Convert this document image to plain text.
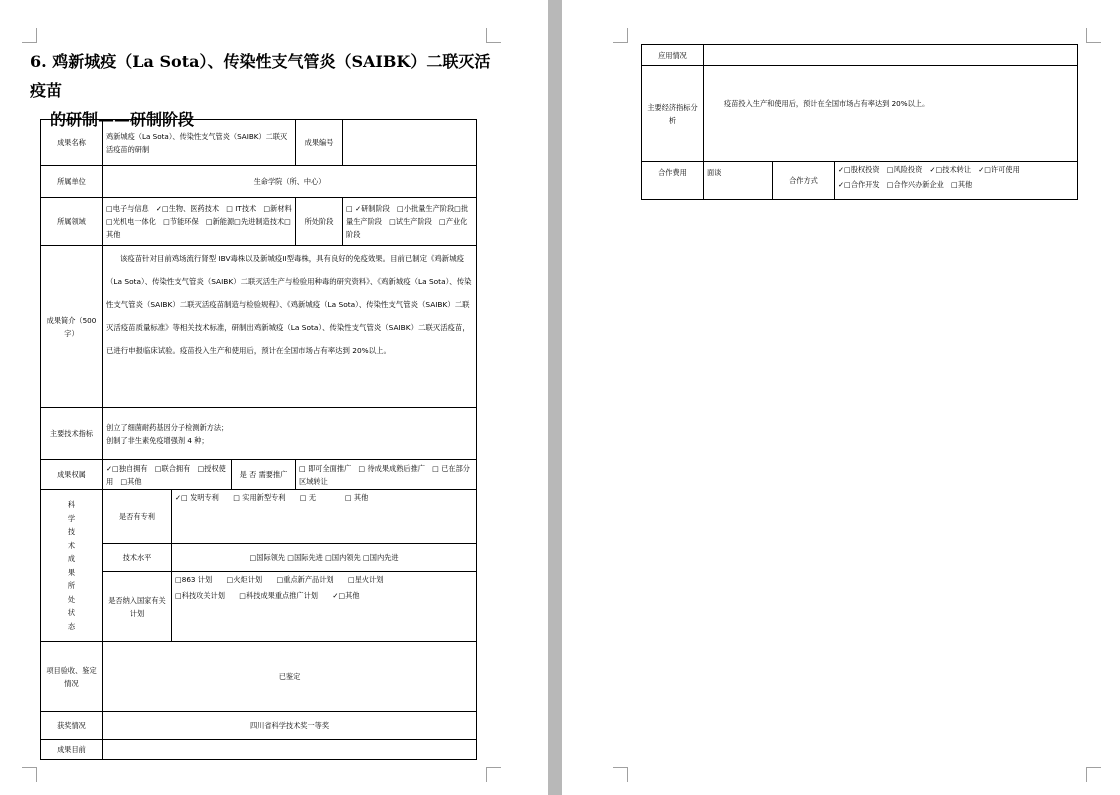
6. 鸡新城疫（La Sota）、传染性支气管炎（SAIBK）二联灭活疫苗
的研制——研制阶段
成果名称	鸡新城疫（La Sota）、传染性支气管炎（SAIBK）二联灭活疫苗的研制			成果编号	
所属单位	生命学院（所、中心）				
所属领域	□电子与信息　✓□生物、医药技术　□ IT技术　□新材料□光机电一体化　□节能环保　□新能源□先进制造技术□其他			所处阶段	□ ✓研制阶段　□小批量生产阶段□批量生产阶段　□试生产阶段　□产业化阶段
成果简介（500字）	该疫苗针对目前鸡场流行肾型 IBV毒株以及新城疫II型毒株，具有良好的免疫效果。目前已制定《鸡新城疫（La Sota）、传染性支气管炎（SAIBK）二联灭活生产与检验用种毒的研究资料》、《鸡新城疫（La Sota）、传染性支气管炎（SAIBK）二联灭活疫苗制造与检验规程》、《鸡新城疫（La Sota）、传染性支气管炎（SAIBK）二联灭活疫苗质量标准》等相关技术标准，研制出鸡新城疫（La Sota）、传染性支气管炎（SAIBK）二联灭活疫苗，已进行申报临床试验。疫苗投入生产和使用后，预计在全国市场占有率达到 20%以上。				
主要技术指标	创立了细菌耐药基因分子检测新方法；
创制了非生素免疫增强剂 4 种；				

成果权属	✓□独自拥有　□联合拥有　□授权使用　□其他		是 否 需要推广	□ 即可全面推广　□ 待成果成熟后推广　□ 已在部分区域转让	

科学技术成果所处状态	是否有专利	✓□ 发明专利　　□ 实用新型专利　　□ 无　　　　□ 其他			
	技术水平	□国际领先 □国际先进 □国内领先 □国内先进			
	是否纳入国家有关计划	□863 计划　　□火炬计划　　□重点新产品计划　　□星火计划
□科技攻关计划　　□科技成果重点推广计划　　✓□其他			

项目验收、鉴定情况	已鉴定				
获奖情况	四川省科学技术奖一等奖				
成果目前					
应用情况			
主要经济指标分析	疫苗投入生产和使用后，预计在全国市场占有率达到 20%以上。		
合作费用	面谈	合作方式	✓□股权投资　□风险投资　✓□技术转让　✓□许可使用
✓□合作开发　□合作兴办新企业　□其他
